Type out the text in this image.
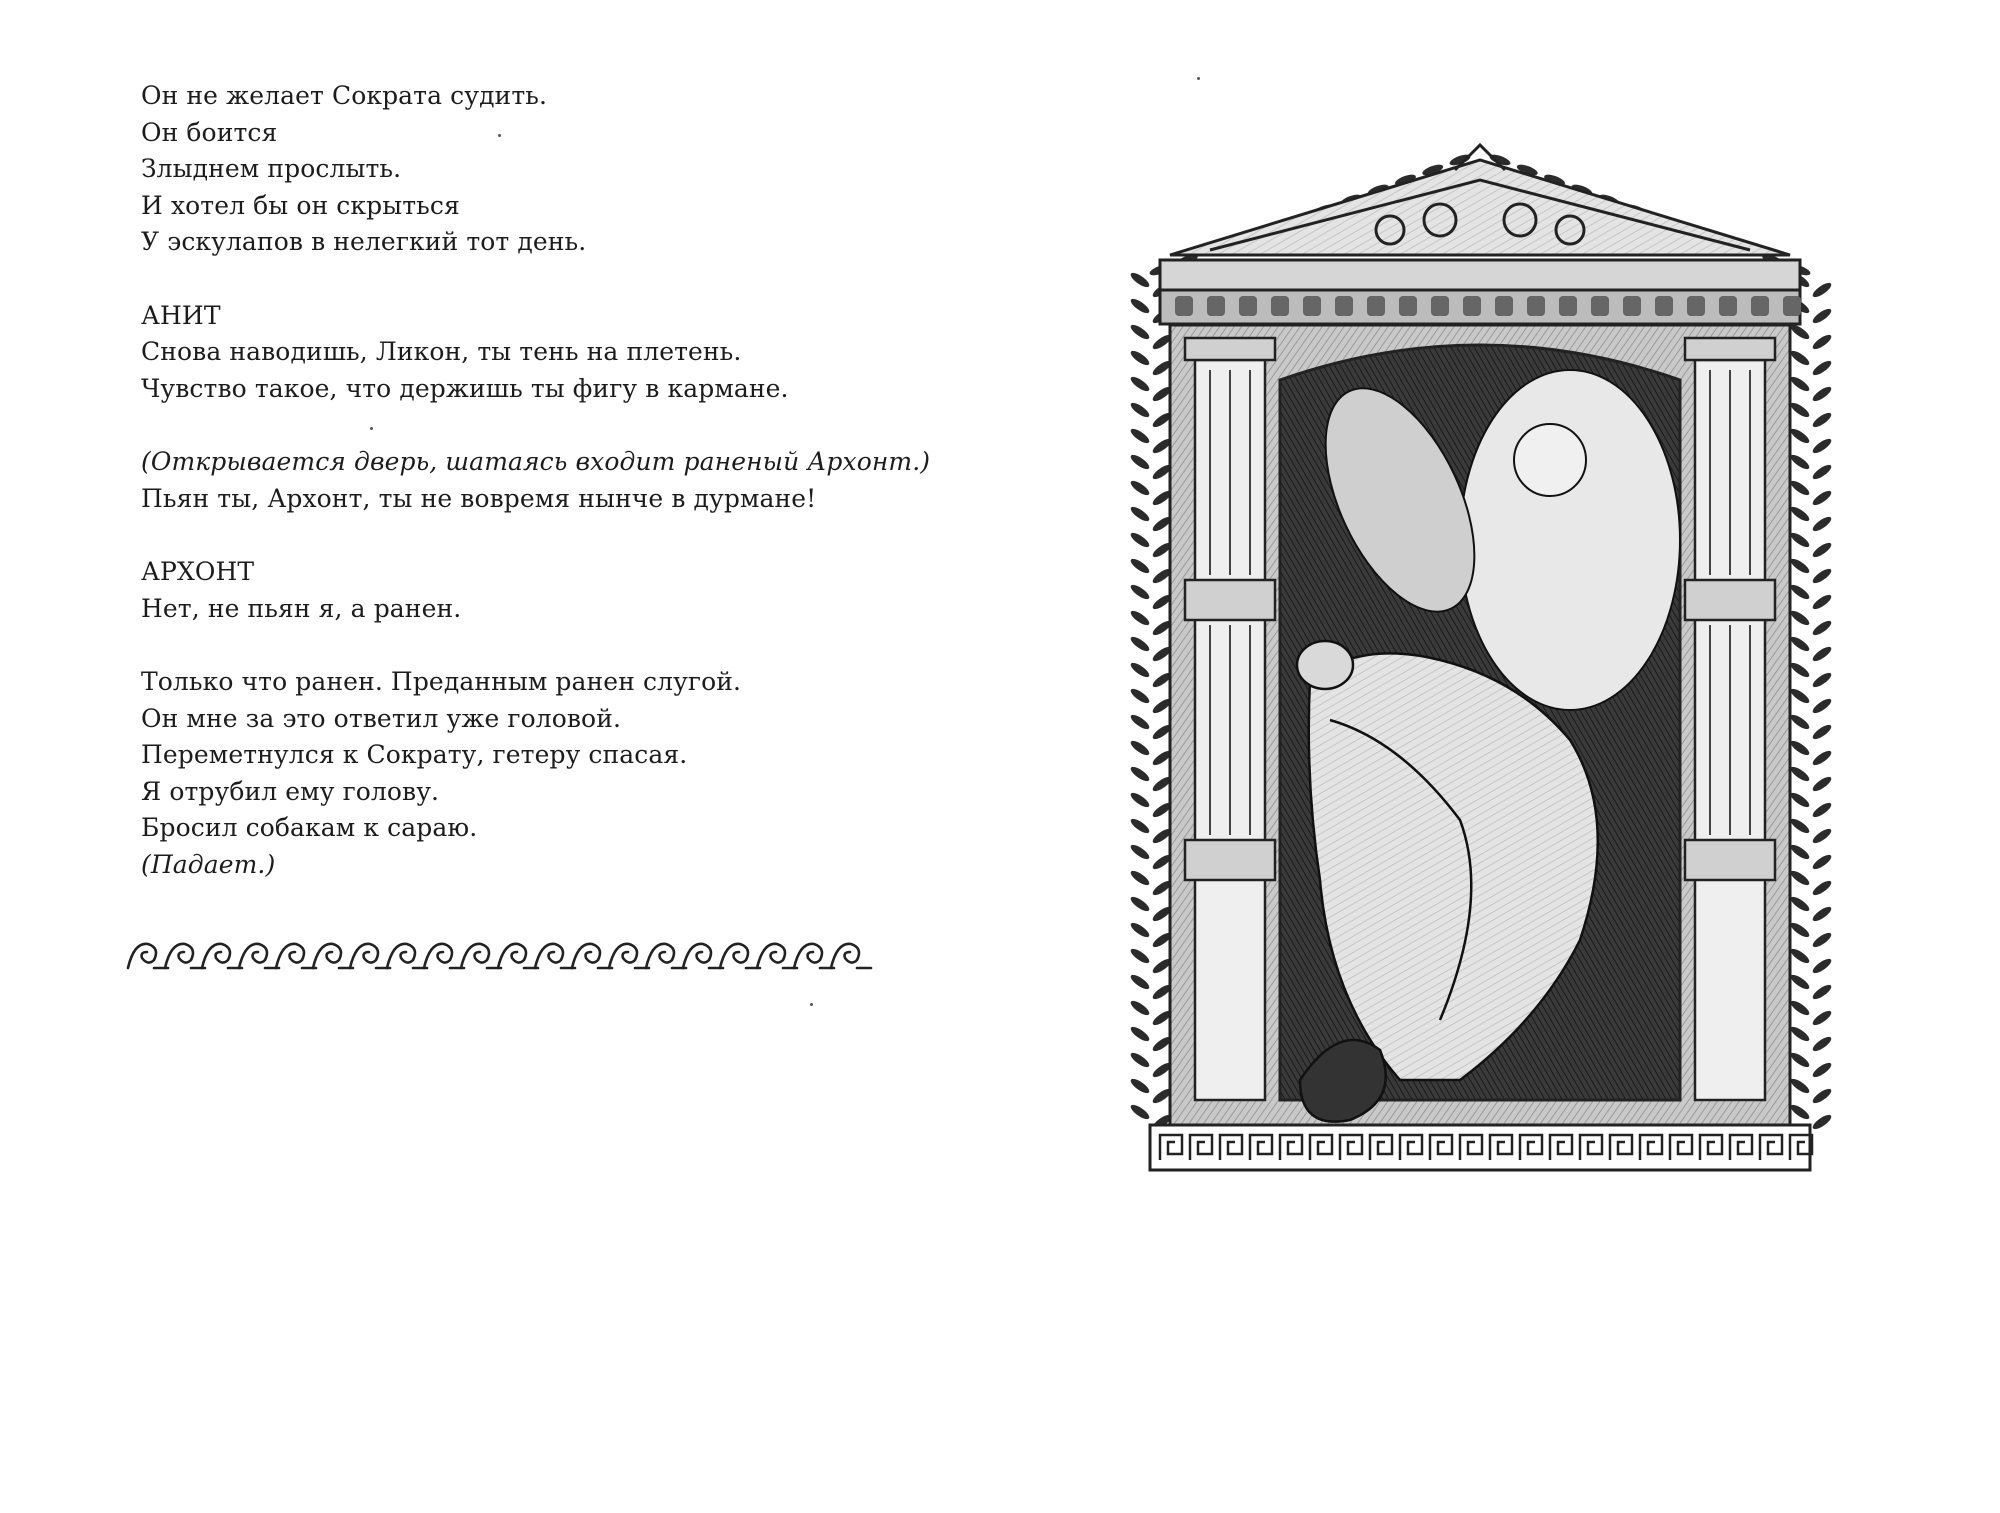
Он не желает Сократа судить.
Он боится
Злыднем прослыть.
И хотел бы он скрыться
У эскулапов в нелегкий тот день.
АНИТ
Снова наводишь, Ликон, ты тень на плетень.
Чувство такое, что держишь ты фигу в кармане.
(Открывается дверь, шатаясь входит раненый Архонт.)
Пьян ты, Архонт, ты не вовремя нынче в дурмане!
АРХОНТ
Нет, не пьян я, а ранен.
Только что ранен. Преданным ранен слугой.
Он мне за это ответил уже головой.
Переметнулся к Сократу, гетеру спасая.
Я отрубил ему голову.
Бросил собакам к сараю.
(Падает.)
